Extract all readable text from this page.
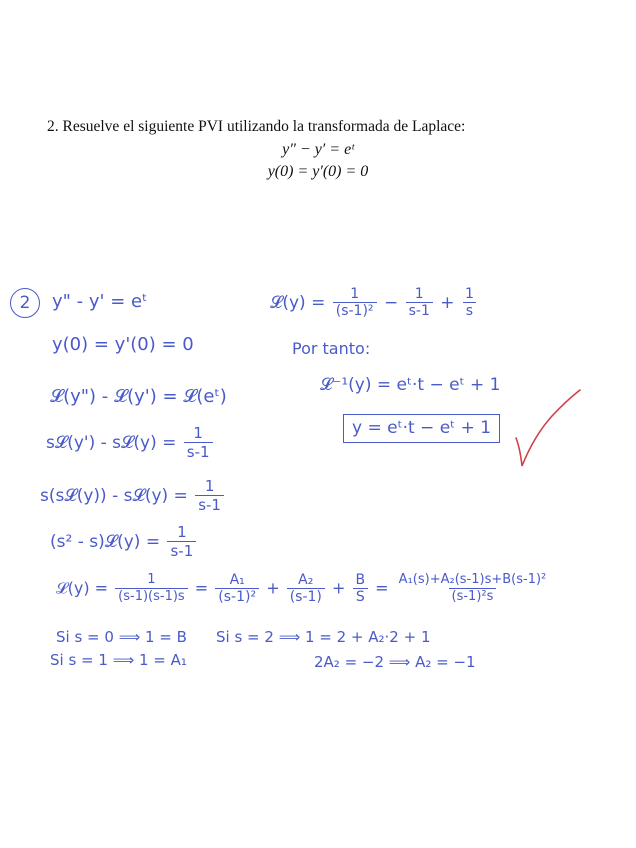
2. Resuelve el siguiente PVI utilizando la transformada de Laplace:
y″ − y′ = eᵗ
y(0) = y′(0) = 0
2	y" - y' = eᵗ
y(0) = y'(0) = 0
𝓛(y") - 𝓛(y') = 𝓛(eᵗ)
s𝓛(y') - s𝓛(y) = $\frac{1}{s-1}$
s(s𝓛(y)) - s𝓛(y) = $\frac{1}{s-1}$
(s² - s)𝓛(y) = $\frac{1}{s-1}$
𝓛(y) = $\frac{1}{\text{(s-1)²}} - \frac{1}{s-1} + \frac{1}{s}$
Por tanto:
𝓛⁻¹(y) = eᵗ·t − eᵗ + 1
y = eᵗ·t − eᵗ + 1
𝓛(y) = $\frac{1}{(s-1)(s-1)s} = \frac{\text{A₁}}{\text{(s-1)²}} + \frac{\text{A₂}}{(s-1)} + \frac{B}{S} = \frac{\text{A₁(s)+A₂(s-1)s+B(s-1)²}}{\text{(s-1)²s}}$
Si s = 0 ⟹ 1 = B Si s = 2 ⟹ 1 = 2 + A₂·2 + 1
Si s = 1 ⟹ 1 = A₁	2A₂ = −2 ⟹ A₂ = −1
